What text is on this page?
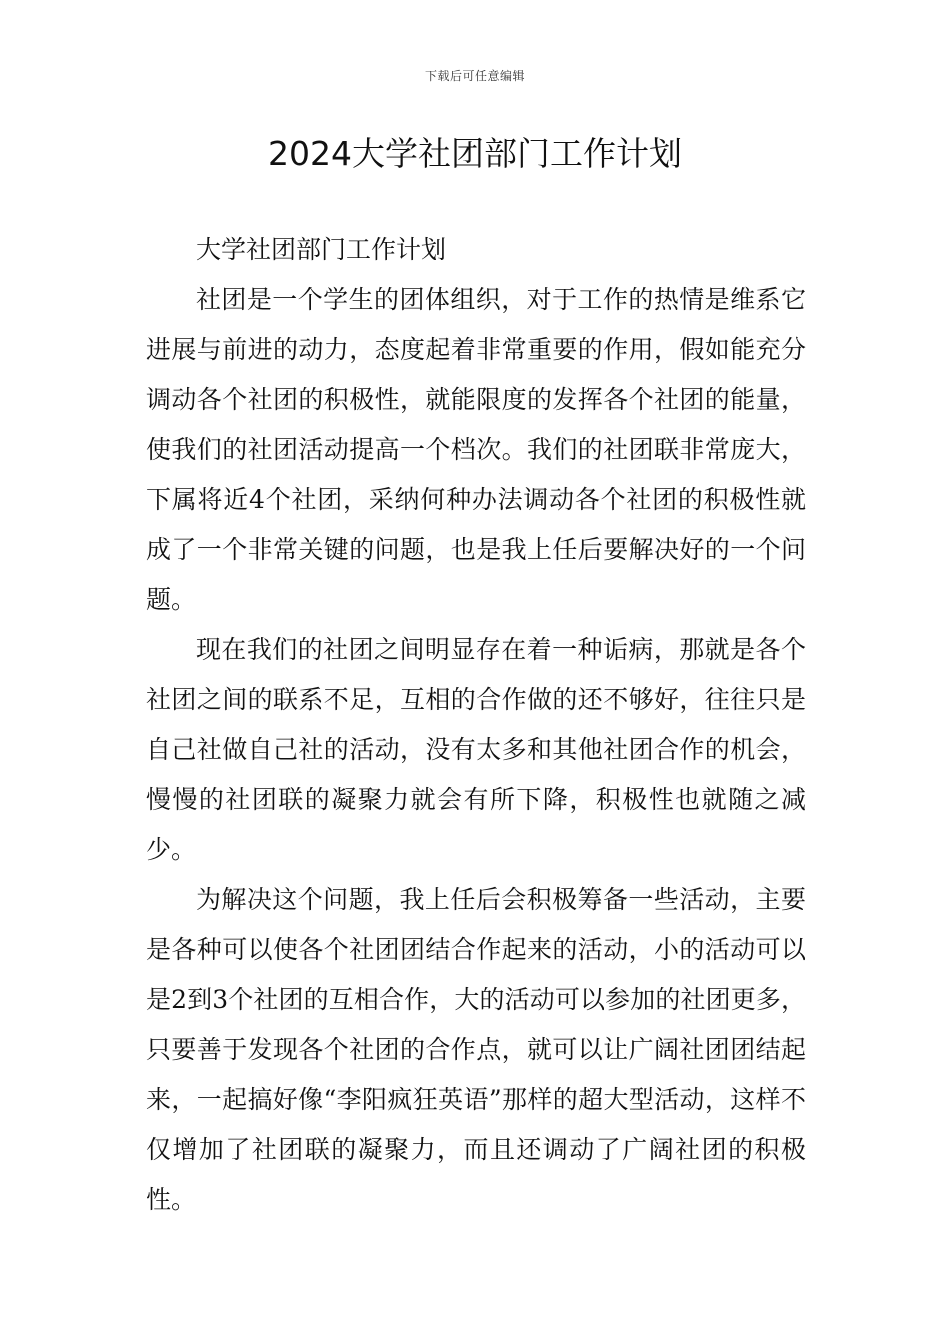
下载后可任意编辑
2024大学社团部门工作计划

大学社团部门工作计划

社团是一个学生的团体组织，对于工作的热情是维系它进展与前进的动力，态度起着非常重要的作用，假如能充分调动各个社团的积极性，就能限度的发挥各个社团的能量，使我们的社团活动提高一个档次。我们的社团联非常庞大，下属将近4个社团，采纳何种办法调动各个社团的积极性就成了一个非常关键的问题，也是我上任后要解决好的一个问题。

现在我们的社团之间明显存在着一种诟病，那就是各个社团之间的联系不足，互相的合作做的还不够好，往往只是自己社做自己社的活动，没有太多和其他社团合作的机会，慢慢的社团联的凝聚力就会有所下降，积极性也就随之减少。

为解决这个问题，我上任后会积极筹备一些活动，主要是各种可以使各个社团团结合作起来的活动，小的活动可以是2到3个社团的互相合作，大的活动可以参加的社团更多，只要善于发现各个社团的合作点，就可以让广阔社团团结起来，一起搞好像“李阳疯狂英语”那样的超大型活动，这样不仅增加了社团联的凝聚力，而且还调动了广阔社团的积极性。
